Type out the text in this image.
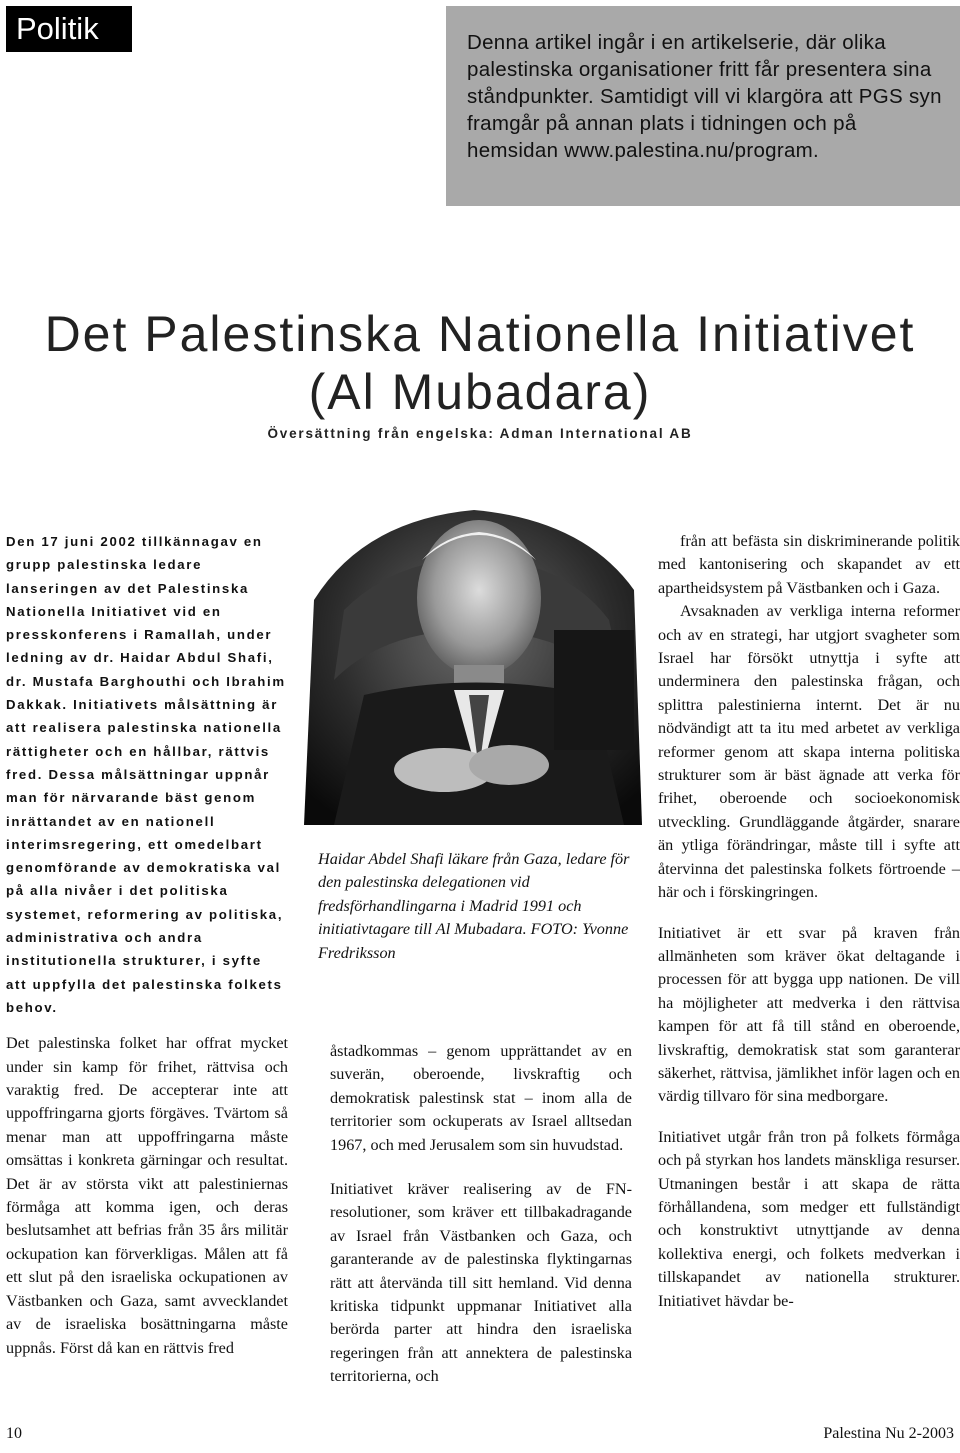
Politik	Denna artikel ingår i en artikelserie, där olika palestinska organisationer fritt får presentera sina ståndpunkter. Samtidigt vill vi klargöra att PGS syn framgår på annan plats i tidningen och på hemsidan www.palestina.nu/program.
Det Palestinska Nationella Initiativet
(Al Mubadara)
Översättning från engelska: Adman International AB

Den 17 juni 2002 tillkännagav en grupp palestinska ledare lanseringen av det Palestinska Nationella Initiativet vid en presskonferens i Ramallah, under ledning av dr. Haidar Abdul Shafi, dr. Mustafa Barghouthi och Ibrahim Dakkak. Initiativets målsättning är att realisera palestinska nationella rättigheter och en hållbar, rättvis fred. Dessa målsättningar uppnår man för närvarande bäst genom inrättandet av en nationell interimsregering, ett omedelbart genomförande av demokratiska val på alla nivåer i det politiska systemet, reformering av politiska, administrativa och andra institutionella strukturer, i syfte att uppfylla det palestinska folkets behov.

Det palestinska folket har offrat mycket under sin kamp för frihet, rättvisa och varaktig fred. De accepterar inte att uppoffringarna gjorts förgäves. Tvärtom så menar man att uppoffringarna måste omsättas i konkreta gärningar och resultat. Det är av största vikt att palestiniernas förmåga att komma igen, och deras beslutsamhet att befrias från 35 års militär ockupation kan förverkligas. Målen att få ett slut på den israeliska ockupationen av Västbanken och Gaza, samt avvecklandet av de israeliska bosättningarna måste uppnås. Först då kan en rättvis fred

Haidar Abdel Shafi läkare från Gaza, ledare för den palestinska delegationen vid fredsförhandlingarna i Madrid 1991 och initiativtagare till Al Mubadara. FOTO: Yvonne Fredriksson

åstadkommas – genom upprättandet av en suverän, oberoende, livskraftig och demokratisk palestinsk stat – inom alla de territorier som ockuperats av Israel alltsedan 1967, och med Jerusalem som sin huvudstad.

Initiativet kräver realisering av de FN-resolutioner, som kräver ett tillbakadragande av Israel från Västbanken och Gaza, och garanterande av de palestinska flyktingarnas rätt att återvända till sitt hemland. Vid denna kritiska tidpunkt uppmanar Initiativet alla berörda parter att hindra den israeliska regeringen från att annektera de palestinska territorierna, och

från att befästa sin diskriminerande politik med kantonisering och skapandet av ett apartheidsystem på Västbanken och i Gaza.

Avsaknaden av verkliga interna reformer och av en strategi, har utgjort svagheter som Israel har försökt utnyttja i syfte att underminera den palestinska frågan, och splittra palestinierna internt. Det är nu nödvändigt att ta itu med arbetet av verkliga reformer genom att skapa interna politiska strukturer som är bäst ägnade att verka för frihet, oberoende och socioekonomisk utveckling. Grundläggande åtgärder, snarare än ytliga förändringar, måste till i syfte att återvinna det palestinska folkets förtroende – här och i förskingringen.

Initiativet är ett svar på kraven från allmänheten som kräver ökat deltagande i processen för att bygga upp nationen. De vill ha möjligheter att medverka i den rättvisa kampen för att få till stånd en oberoende, livskraftig, demokratisk stat som garanterar säkerhet, rättvisa, jämlikhet inför lagen och en värdig tillvaro för sina medborgare.

Initiativet utgår från tron på folkets förmåga och på styrkan hos landets mänskliga resurser. Utmaningen består i att skapa de rätta förhållandena, som medger ett fullständigt och konstruktivt utnyttjande av denna kollektiva energi, och folkets medverkan i tillskapandet av nationella strukturer. Initiativet hävdar be-

10	Palestina Nu 2-2003
